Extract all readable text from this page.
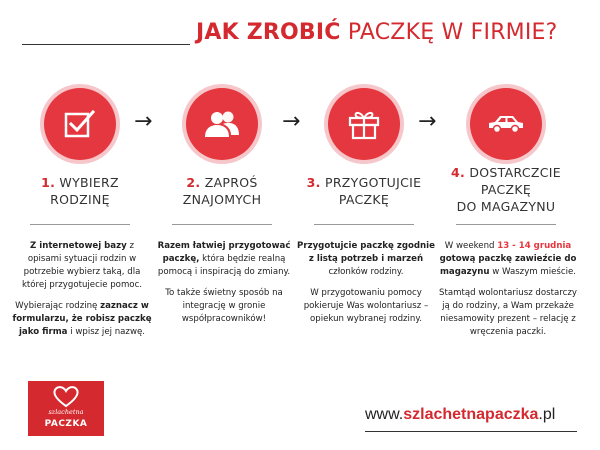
JAK ZROBIĆ PACZKĘ W FIRMIE?
→	→	→
1. WYBIERZ
RODZINĘ
2. ZAPROŚ
ZNAJOMYCH
3. PRZYGOTUJCIE
PACZKĘ
4. DOSTARCZCIE
PACZKĘ
DO MAGAZYNU

Z internetowej bazy z opisami sytuacji rodzin w potrzebie wybierz taką, dla której przygotujecie pomoc.

Wybierając rodzinę zaznacz w formularzu, że robisz paczkę jako firma i wpisz jej nazwę.

Razem łatwiej przygotować paczkę, która będzie realną pomocą i inspiracją do zmiany.

To także świetny sposób na integrację w gronie współpracowników!

Przygotujcie paczkę zgodnie z listą potrzeb i marzeń członków rodziny.

W przygotowaniu pomocy pokieruje Was wolontariusz – opiekun wybranej rodziny.

W weekend 13 - 14 grudnia gotową paczkę zawieźcie do magazynu w Waszym mieście.

Stamtąd wolontariusz dostarczy ją do rodziny, a Wam przekaże niesamowity prezent – relację z wręczenia paczki.

szlachetna
PACZKA
www.szlachetnapaczka.pl
